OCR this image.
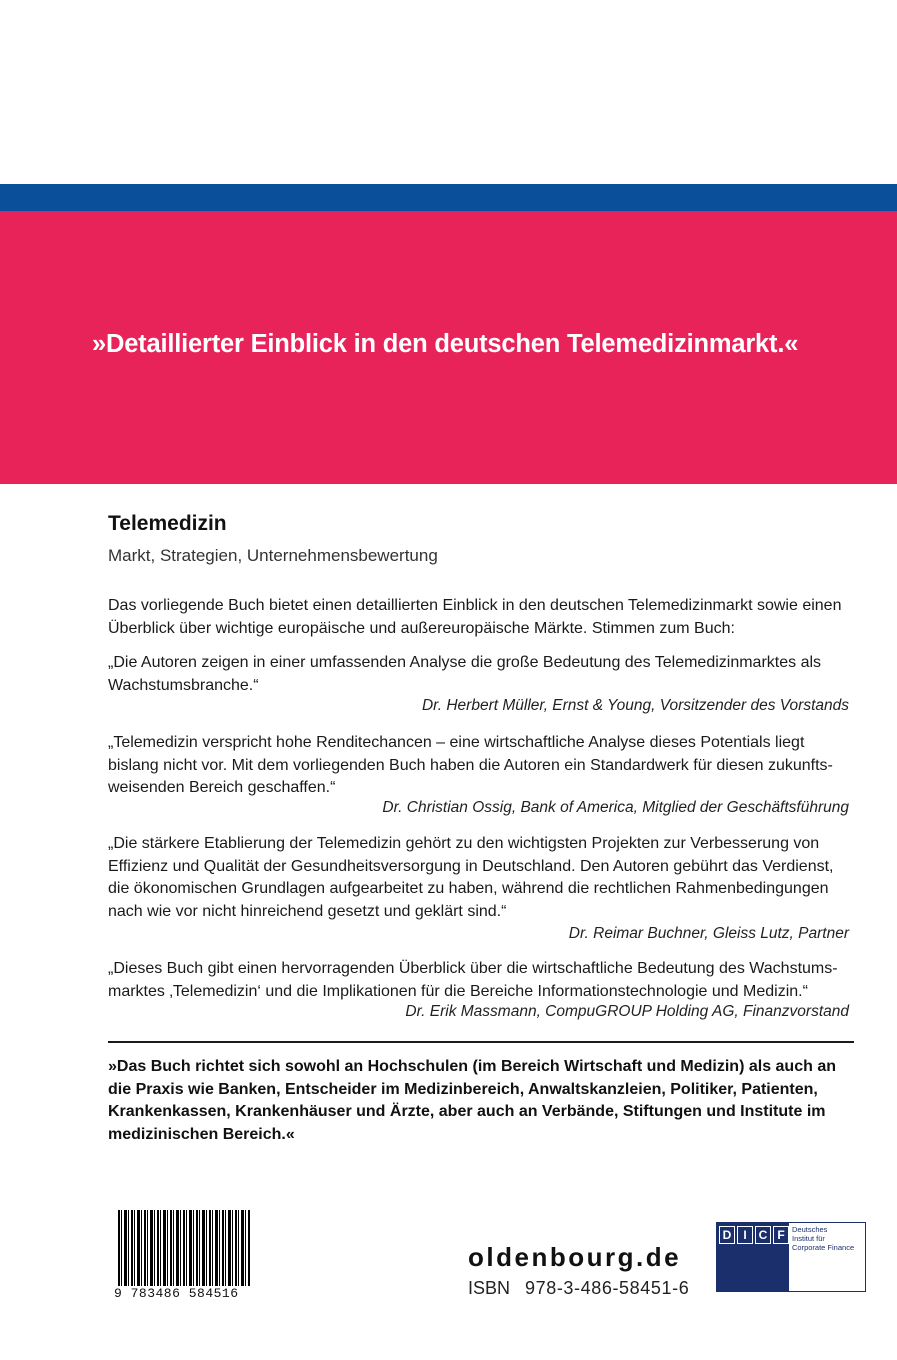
»Detaillierter Einblick in den deutschen Telemedizinmarkt.«
Telemedizin
Markt, Strategien, Unternehmensbewertung

Das vorliegende Buch bietet einen detaillierten Einblick in den deutschen Telemedizinmarkt sowie einen Überblick über wichtige europäische und außereuropäische Märkte. Stimmen zum Buch:

„Die Autoren zeigen in einer umfassenden Analyse die große Bedeutung des Telemedizinmarktes als Wachstumsbranche.“

Dr. Herbert Müller, Ernst & Young, Vorsitzender des Vorstands

„Telemedizin verspricht hohe Renditechancen – eine wirtschaftliche Analyse dieses Potentials liegt bislang nicht vor. Mit dem vorliegenden Buch haben die Autoren ein Standardwerk für diesen zukunftsweisenden Bereich geschaffen.“

Dr. Christian Ossig, Bank of America, Mitglied der Geschäftsführung

„Die stärkere Etablierung der Telemedizin gehört zu den wichtigsten Projekten zur Verbesserung von Effizienz und Qualität der Gesundheitsversorgung in Deutschland. Den Autoren gebührt das Verdienst, die ökonomischen Grundlagen aufgearbeitet zu haben, während die rechtlichen Rahmenbedingungen nach wie vor nicht hinreichend gesetzt und geklärt sind.“

Dr. Reimar Buchner, Gleiss Lutz, Partner

„Dieses Buch gibt einen hervorragenden Überblick über die wirtschaftliche Bedeutung des Wachstumsmarktes ‚Telemedizin‘ und die Implikationen für die Bereiche Informationstechnologie und Medizin.“

Dr. Erik Massmann, CompuGROUP Holding AG, Finanzvorstand
»Das Buch richtet sich sowohl an Hochschulen (im Bereich Wirtschaft und Medizin) als auch an die Praxis wie Banken, Entscheider im Medizinbereich, Anwaltskanzleien, Politiker, Patienten, Krankenkassen, Krankenhäuser und Ärzte, aber auch an Verbände, Stiftungen und Institute im medizinischen Bereich.«
9 783486 584516
oldenbourg.de
ISBN 978-3-486-58451-6
D	I C F Deutsches
Institut für
Corporate Finance
